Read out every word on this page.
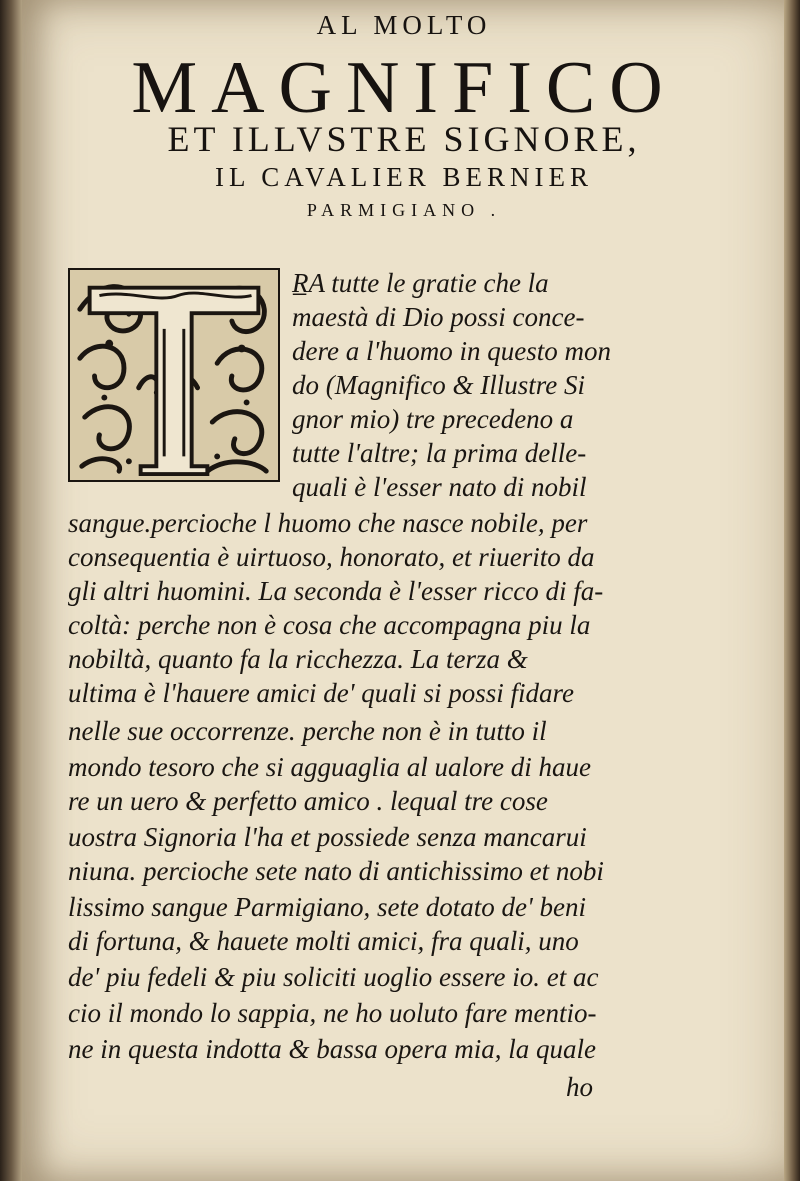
AL MOLTO
MAGNIFICO
ET ILLVSTRE SIGNORE,
IL CAVALIER BERNIER
PARMIGIANO .
R̲A tutte le gratie che la
maestà di Dio possi conce-
dere a l'huomo in questo mon
do (Magnifico & Illustre Si
gnor mio) tre precedeno a
tutte l'altre; la prima delle-
quali è l'esser nato di nobil
sangue.percioche l huomo che nasce nobile, per
consequentia è uirtuoso, honorato, et riuerito da
gli altri huomini. La seconda è l'esser ricco di fa-
coltà: perche non è cosa che accompagna piu la
nobiltà, quanto fa la ricchezza. La terza &
ultima è l'hauere amici de' quali si possi fidare
nelle sue occorrenze. perche non è in tutto il
mondo tesoro che si agguaglia al ualore di haue
re un uero & perfetto amico . lequal tre cose
uostra Signoria l'ha et possiede senza mancarui
niuna. percioche sete nato di antichissimo et nobi
lissimo sangue Parmigiano, sete dotato de' beni
di fortuna, & hauete molti amici, fra quali, uno
de' piu fedeli & piu soliciti uoglio essere io. et ac
cio il mondo lo sappia, ne ho uoluto fare mentio-
ne in questa indotta & bassa opera mia, la quale
ho
